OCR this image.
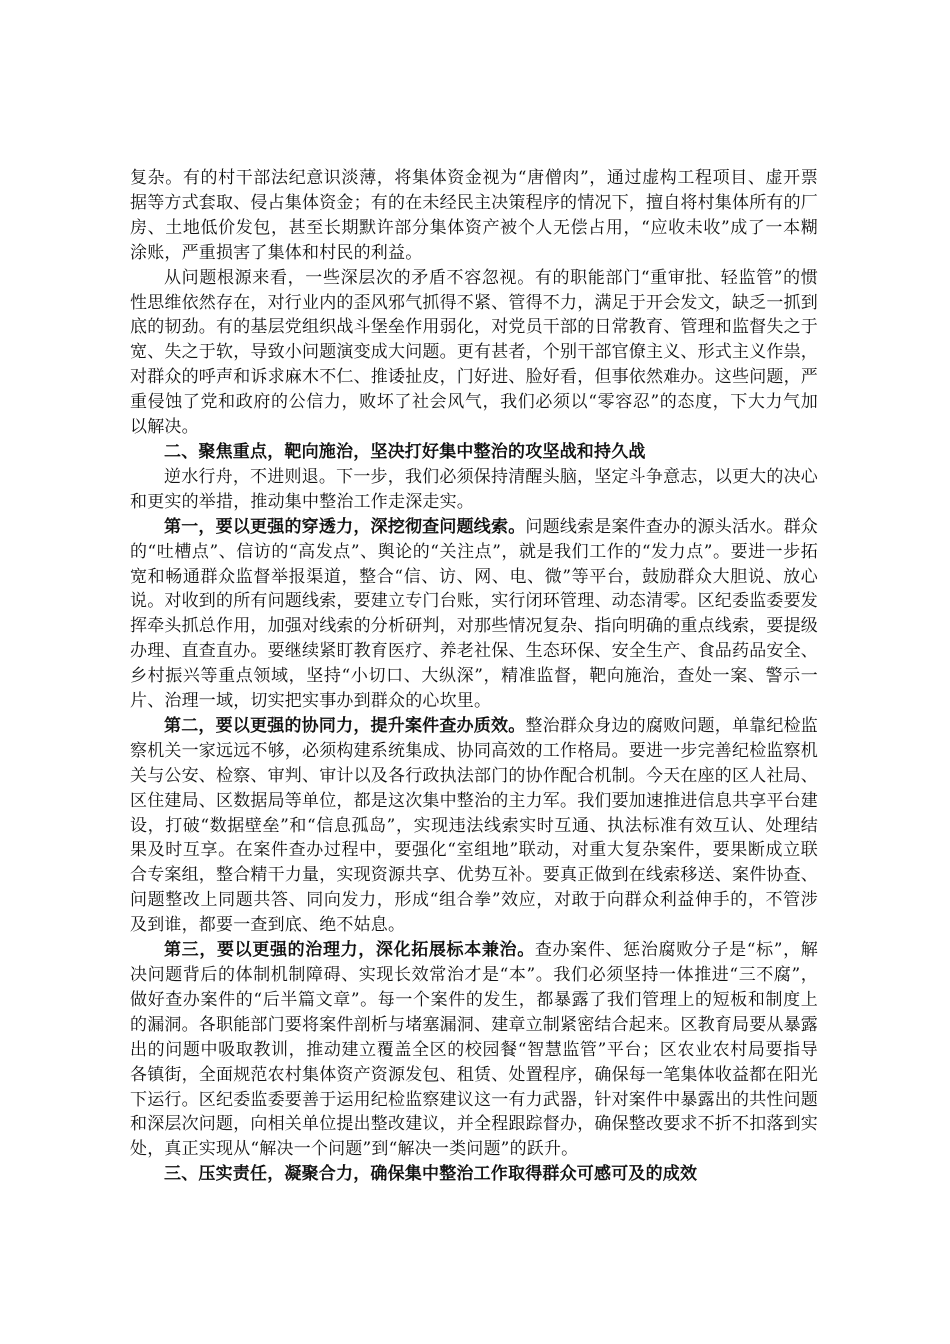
复杂。有的村干部法纪意识淡薄，将集体资金视为“唐僧肉”，通过虚构工程项目、虚开票据等方式套取、侵占集体资金；有的在未经民主决策程序的情况下，擅自将村集体所有的厂房、土地低价发包，甚至长期默许部分集体资产被个人无偿占用，“应收未收”成了一本糊涂账，严重损害了集体和村民的利益。

从问题根源来看，一些深层次的矛盾不容忽视。有的职能部门“重审批、轻监管”的惯性思维依然存在，对行业内的歪风邪气抓得不紧、管得不力，满足于开会发文，缺乏一抓到底的韧劲。有的基层党组织战斗堡垒作用弱化，对党员干部的日常教育、管理和监督失之于宽、失之于软，导致小问题演变成大问题。更有甚者，个别干部官僚主义、形式主义作祟，对群众的呼声和诉求麻木不仁、推诿扯皮，门好进、脸好看，但事依然难办。这些问题，严重侵蚀了党和政府的公信力，败坏了社会风气，我们必须以“零容忍”的态度，下大力气加以解决。

二、聚焦重点，靶向施治，坚决打好集中整治的攻坚战和持久战

逆水行舟，不进则退。下一步，我们必须保持清醒头脑，坚定斗争意志，以更大的决心和更实的举措，推动集中整治工作走深走实。

第一，要以更强的穿透力，深挖彻查问题线索。问题线索是案件查办的源头活水。群众的“吐槽点”、信访的“高发点”、舆论的“关注点”，就是我们工作的“发力点”。要进一步拓宽和畅通群众监督举报渠道，整合“信、访、网、电、微”等平台，鼓励群众大胆说、放心说。对收到的所有问题线索，要建立专门台账，实行闭环管理、动态清零。区纪委监委要发挥牵头抓总作用，加强对线索的分析研判，对那些情况复杂、指向明确的重点线索，要提级办理、直查直办。要继续紧盯教育医疗、养老社保、生态环保、安全生产、食品药品安全、乡村振兴等重点领域，坚持“小切口、大纵深”，精准监督，靶向施治，查处一案、警示一片、治理一域，切实把实事办到群众的心坎里。

第二，要以更强的协同力，提升案件查办质效。整治群众身边的腐败问题，单靠纪检监察机关一家远远不够，必须构建系统集成、协同高效的工作格局。要进一步完善纪检监察机关与公安、检察、审判、审计以及各行政执法部门的协作配合机制。今天在座的区人社局、区住建局、区数据局等单位，都是这次集中整治的主力军。我们要加速推进信息共享平台建设，打破“数据壁垒”和“信息孤岛”，实现违法线索实时互通、执法标准有效互认、处理结果及时互享。在案件查办过程中，要强化“室组地”联动，对重大复杂案件，要果断成立联合专案组，整合精干力量，实现资源共享、优势互补。要真正做到在线索移送、案件协查、问题整改上同题共答、同向发力，形成“组合拳”效应，对敢于向群众利益伸手的，不管涉及到谁，都要一查到底、绝不姑息。

第三，要以更强的治理力，深化拓展标本兼治。查办案件、惩治腐败分子是“标”，解决问题背后的体制机制障碍、实现长效常治才是“本”。我们必须坚持一体推进“三不腐”，做好查办案件的“后半篇文章”。每一个案件的发生，都暴露了我们管理上的短板和制度上的漏洞。各职能部门要将案件剖析与堵塞漏洞、建章立制紧密结合起来。区教育局要从暴露出的问题中吸取教训，推动建立覆盖全区的校园餐“智慧监管”平台；区农业农村局要指导各镇街，全面规范农村集体资产资源发包、租赁、处置程序，确保每一笔集体收益都在阳光下运行。区纪委监委要善于运用纪检监察建议这一有力武器，针对案件中暴露出的共性问题和深层次问题，向相关单位提出整改建议，并全程跟踪督办，确保整改要求不折不扣落到实处，真正实现从“解决一个问题”到“解决一类问题”的跃升。

三、压实责任，凝聚合力，确保集中整治工作取得群众可感可及的成效
